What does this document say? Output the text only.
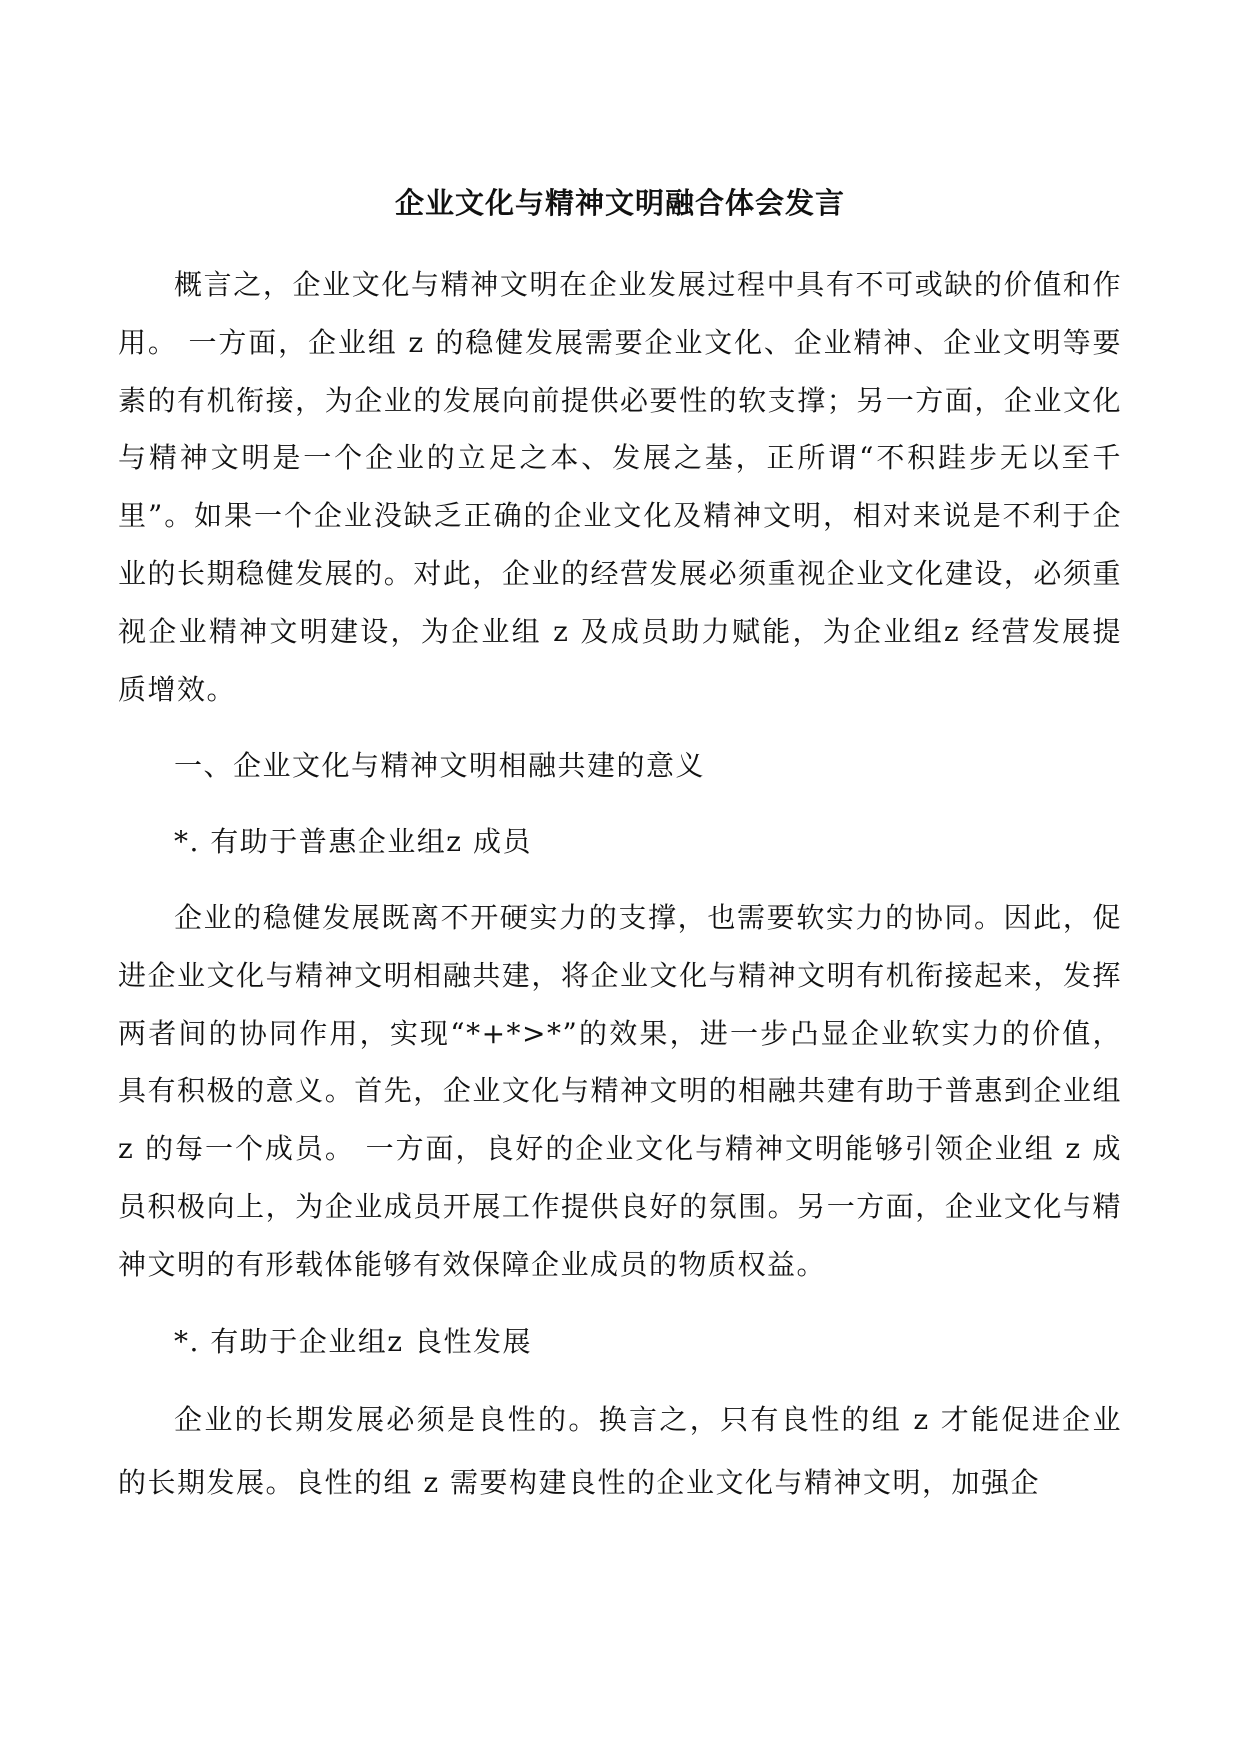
企业文化与精神文明融合体会发言

概言之，企业文化与精神文明在企业发展过程中具有不可或缺的价值和作用。 一方面，企业组 z 的稳健发展需要企业文化、企业精神、企业文明等要素的有机衔接，为企业的发展向前提供必要性的软支撑；另一方面，企业文化与精神文明是一个企业的立足之本、发展之基，正所谓“不积跬步无以至千里”。如果一个企业没缺乏正确的企业文化及精神文明，相对来说是不利于企业的长期稳健发展的。对此，企业的经营发展必须重视企业文化建设，必须重视企业精神文明建设，为企业组 z 及成员助力赋能，为企业组z 经营发展提质增效。

一、企业文化与精神文明相融共建的意义

*. 有助于普惠企业组z 成员

企业的稳健发展既离不开硬实力的支撑，也需要软实力的协同。因此，促进企业文化与精神文明相融共建，将企业文化与精神文明有机衔接起来，发挥两者间的协同作用，实现“*+*>*”的效果，进一步凸显企业软实力的价值，具有积极的意义。首先，企业文化与精神文明的相融共建有助于普惠到企业组 z 的每一个成员。 一方面，良好的企业文化与精神文明能够引领企业组 z 成员积极向上，为企业成员开展工作提供良好的氛围。另一方面，企业文化与精神文明的有形载体能够有效保障企业成员的物质权益。

*. 有助于企业组z 良性发展

企业的长期发展必须是良性的。换言之，只有良性的组 z 才能促进企业的长期发展。良性的组 z 需要构建良性的企业文化与精神文明，加强企
